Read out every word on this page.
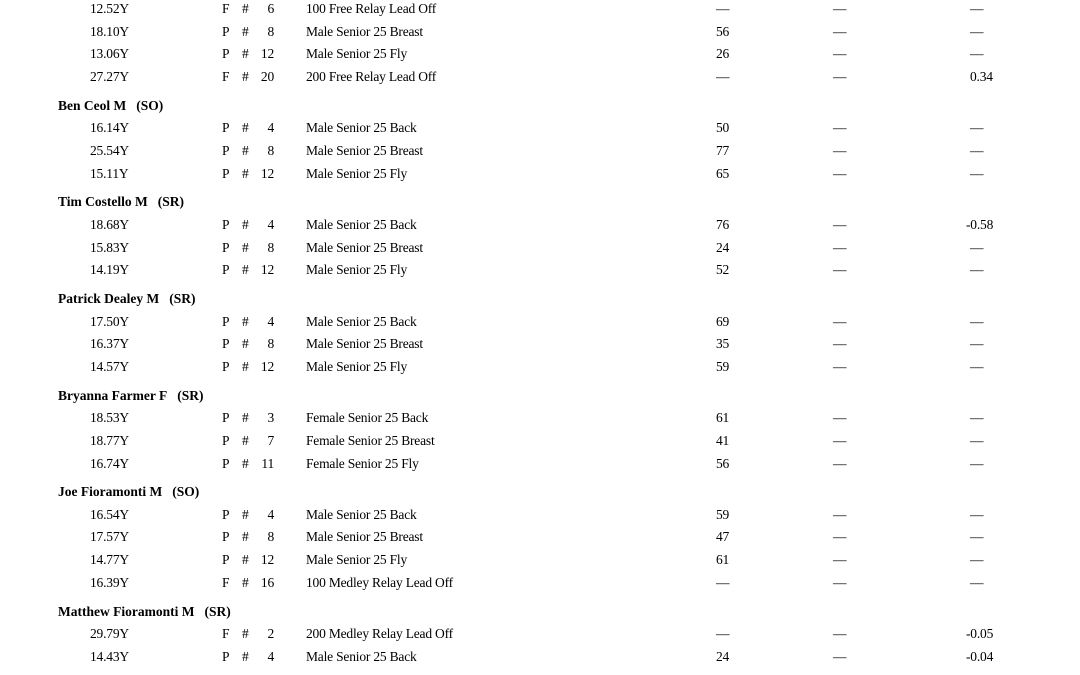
12.52Y	F # 6 100 Free Relay Lead Off	—	—	—
18.10Y	P # 8 Male Senior 25 Breast	56	—	—
13.06Y	P # 12 Male Senior 25 Fly	26	—	—
27.27Y	F # 20 200 Free Relay Lead Off	—	—	0.34
Ben Ceol M (SO)
16.14Y	P # 4 Male Senior 25 Back	50	—	—
25.54Y	P # 8 Male Senior 25 Breast	77	—	—
15.11Y	P # 12 Male Senior 25 Fly	65	—	—
Tim Costello M (SR)
18.68Y	P # 4 Male Senior 25 Back	76	—	-0.58
15.83Y	P # 8 Male Senior 25 Breast	24	—	—
14.19Y	P # 12 Male Senior 25 Fly	52	—	—
Patrick Dealey M (SR)
17.50Y	P # 4 Male Senior 25 Back	69	—	—
16.37Y	P # 8 Male Senior 25 Breast	35	—	—
14.57Y	P # 12 Male Senior 25 Fly	59	—	—
Bryanna Farmer F (SR)
18.53Y	P # 3 Female Senior 25 Back	61	—	—
18.77Y	P # 7 Female Senior 25 Breast	41	—	—
16.74Y	P # 11 Female Senior 25 Fly	56	—	—
Joe Fioramonti M (SO)
16.54Y	P # 4 Male Senior 25 Back	59	—	—
17.57Y	P # 8 Male Senior 25 Breast	47	—	—
14.77Y	P # 12 Male Senior 25 Fly	61	—	—
16.39Y	F # 16 100 Medley Relay Lead Off	—	—	—
Matthew Fioramonti M (SR)
29.79Y	F # 2 200 Medley Relay Lead Off	—	—	-0.05
14.43Y	P # 4 Male Senior 25 Back	24	—	-0.04
